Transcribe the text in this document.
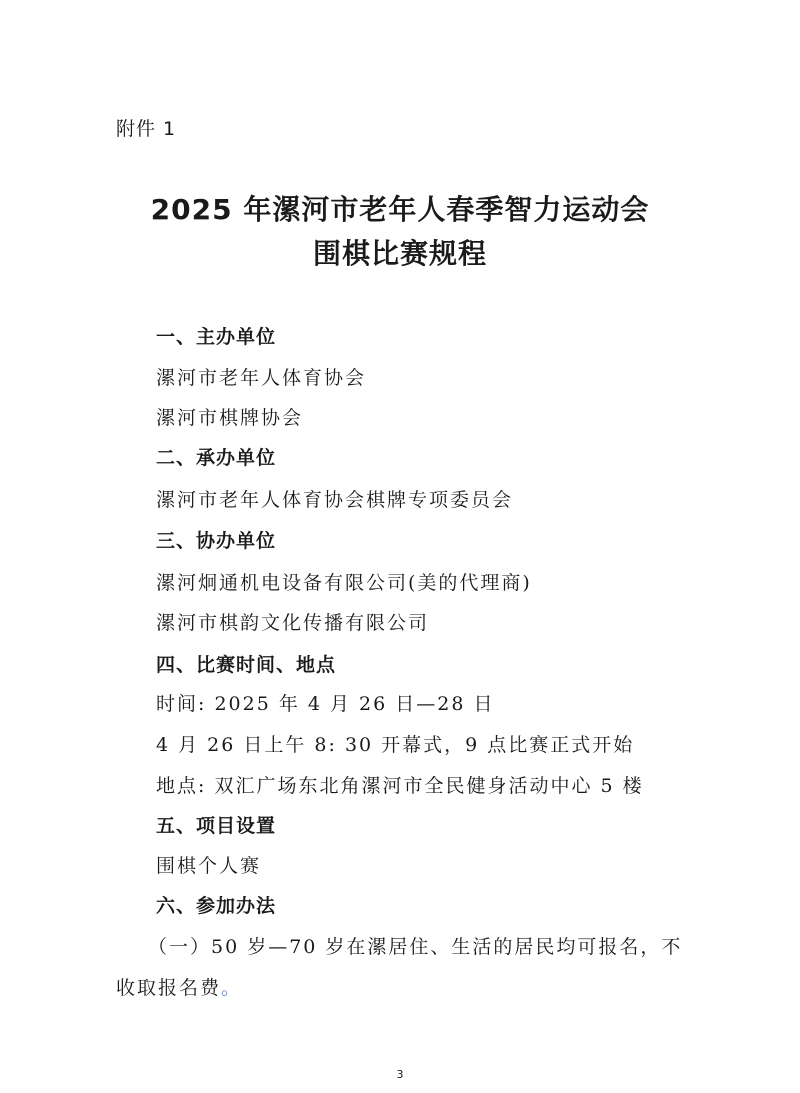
附件 1
2025 年漯河市老年人春季智力运动会
围棋比赛规程
一、主办单位
漯河市老年人体育协会
漯河市棋牌协会
二、承办单位
漯河市老年人体育协会棋牌专项委员会
三、协办单位
漯河炯通机电设备有限公司(美的代理商)
漯河市棋韵文化传播有限公司
四、比赛时间、地点
时间: 2025 年 4 月 26 日—28 日
4 月 26 日上午 8: 30 开幕式，9 点比赛正式开始
地点: 双汇广场东北角漯河市全民健身活动中心 5 楼
五、项目设置
围棋个人赛
六、参加办法
（一）50 岁—70 岁在漯居住、生活的居民均可报名，不
收取报名费。
3
